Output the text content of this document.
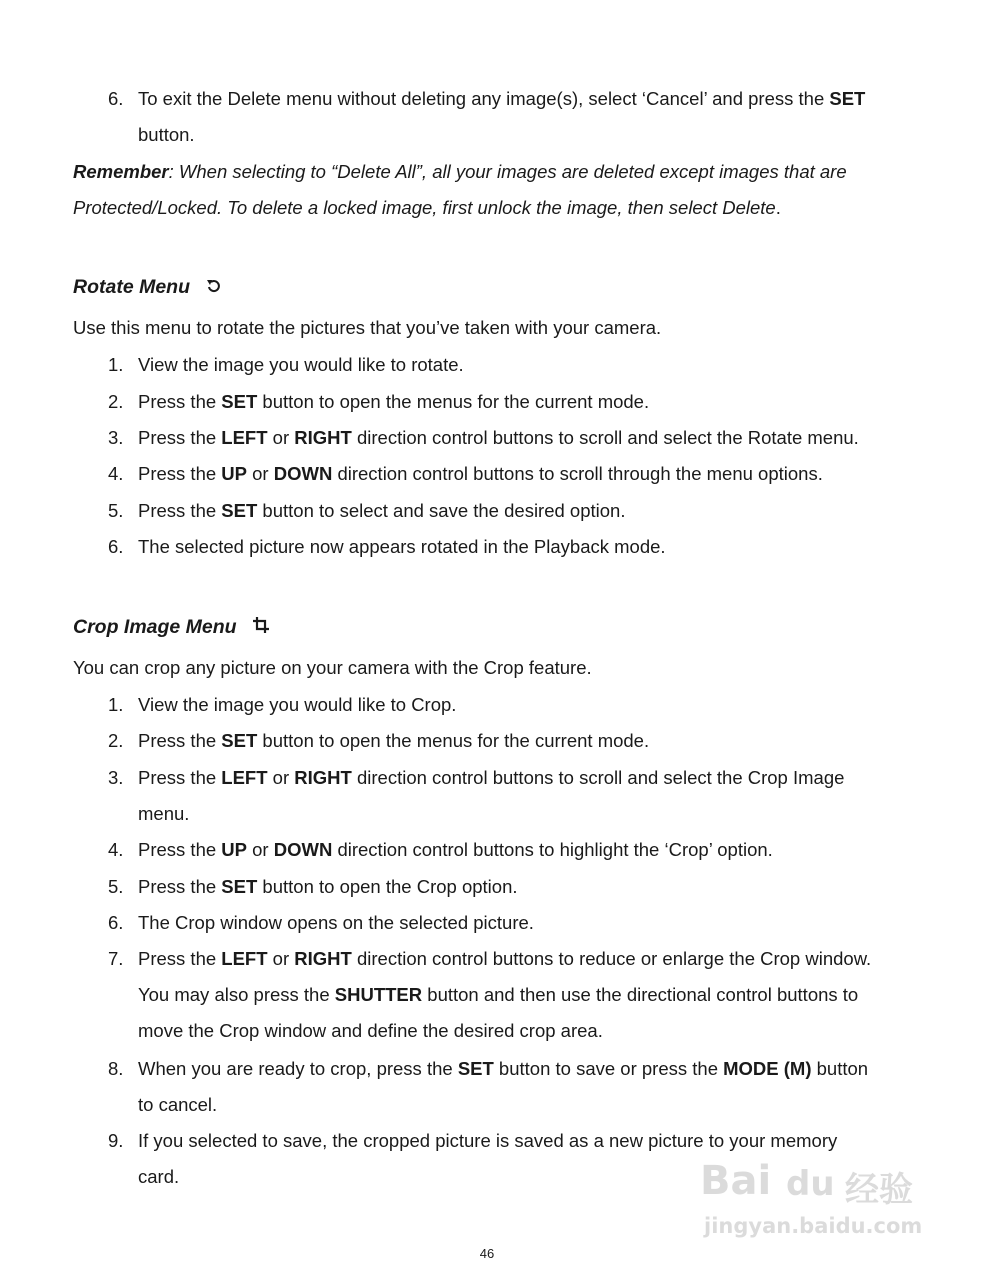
6. To exit the Delete menu without deleting any image(s), select ‘Cancel’ and press the SET
button.
Remember: When selecting to “Delete All”, all your images are deleted except images that are
Protected/Locked. To delete a locked image, first unlock the image, then select Delete.
Rotate Menu
Use this menu to rotate the pictures that you’ve taken with your camera.
1. View the image you would like to rotate.
2. Press the SET button to open the menus for the current mode.
3. Press the LEFT or RIGHT direction control buttons to scroll and select the Rotate menu.
4. Press the UP or DOWN direction control buttons to scroll through the menu options.
5. Press the SET button to select and save the desired option.
6. The selected picture now appears rotated in the Playback mode.
Crop Image Menu
You can crop any picture on your camera with the Crop feature.
1. View the image you would like to Crop.
2. Press the SET button to open the menus for the current mode.
3. Press the LEFT or RIGHT direction control buttons to scroll and select the Crop Image
menu.
4. Press the UP or DOWN direction control buttons to highlight the ‘Crop’ option.
5. Press the SET button to open the Crop option.
6. The Crop window opens on the selected picture.
7. Press the LEFT or RIGHT direction control buttons to reduce or enlarge the Crop window.
You may also press the SHUTTER button and then use the directional control buttons to
move the Crop window and define the desired crop area.
8. When you are ready to crop, press the SET button to save or press the MODE (M) button
to cancel.
9. If you selected to save, the cropped picture is saved as a new picture to your memory
card.
46
Bai du 经验
jingyan.baidu.com
